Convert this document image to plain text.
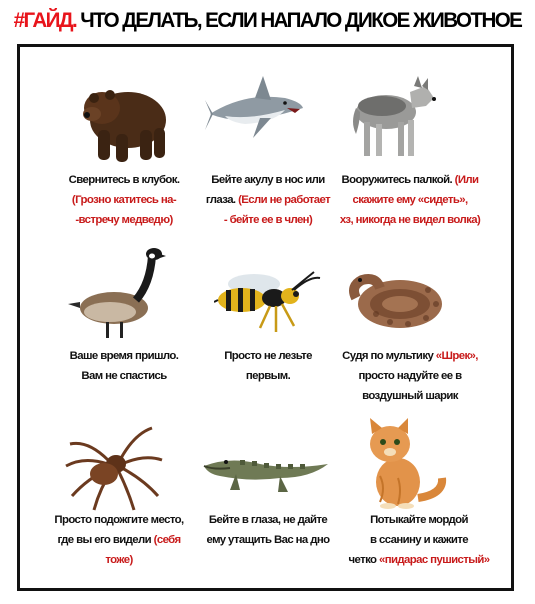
#ГАЙД. ЧТО ДЕЛАТЬ, ЕСЛИ НАПАЛО ДИКОЕ ЖИВОТНОЕ
Свернитесь в клубок.
(Грозно катитесь на-
-встречу медведю)
Бейте акулу в нос или
глаза. (Если не работает
- бейте ее в член)
Вооружитесь палкой. (Или
скажите ему «сидеть»,
хз, никогда не видел волка)
Ваше время пришло.
Вам не спастись
Просто не лезьте
первым.
Судя по мультику «Шрек»,
просто надуйте ее в
воздушный шарик
Просто подожгите место,
где вы его видели (себя
тоже)
Бейте в глаза, не дайте
ему утащить Вас на дно
Потыкайте мордой
в ссанину и кажите
четко «пидарас пушистый»
